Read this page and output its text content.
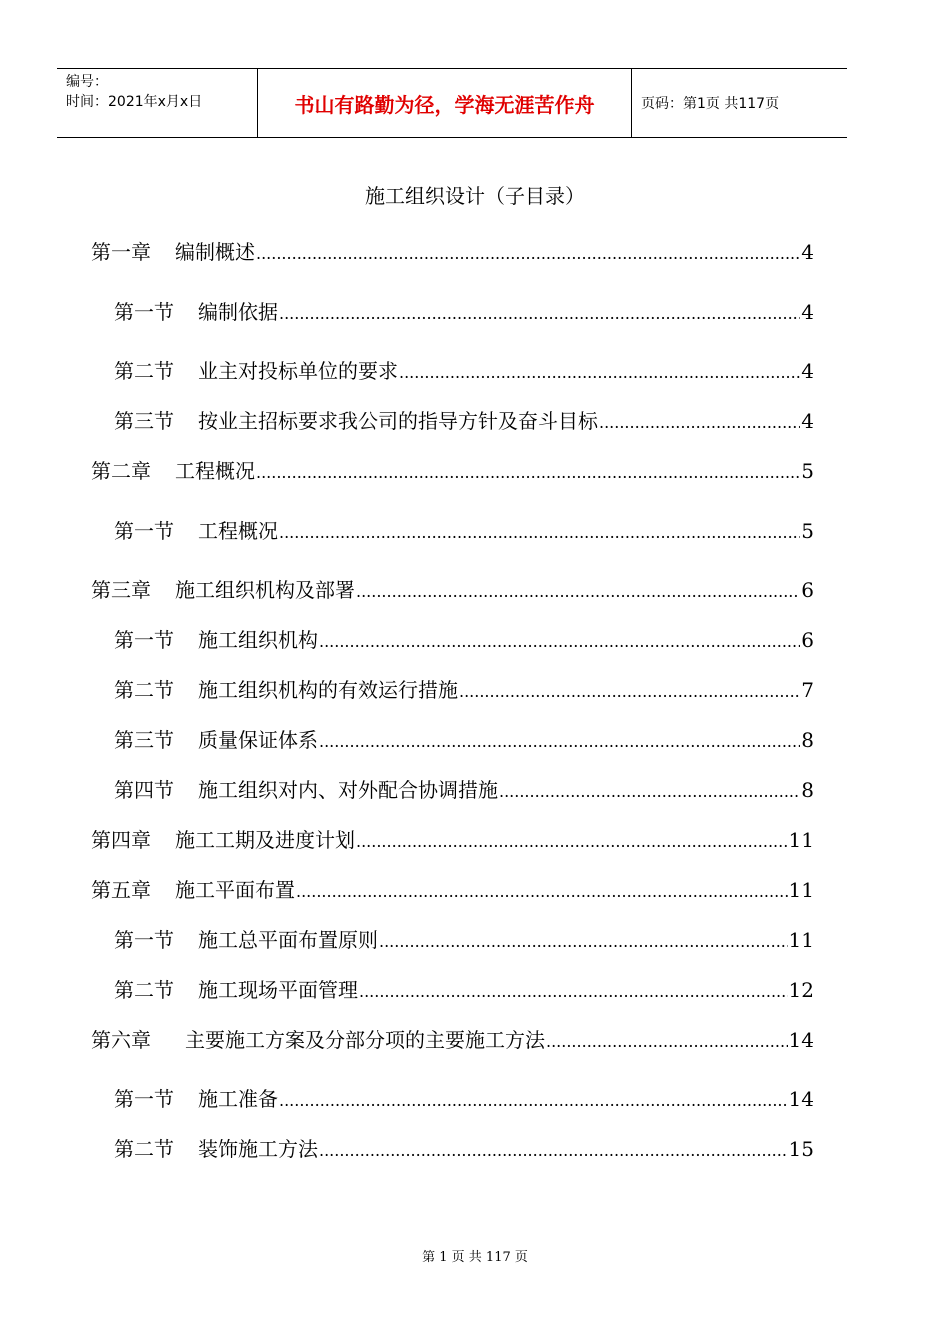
编号：
时间：2021年x月x日	书山有路勤为径，学海无涯苦作舟	页码：第1页 共117页
施工组织设计（子目录）
第一章 编制概述 .....	4
第一节 编制依据 .....	4
第二节 业主对投标单位的要求 .....	4
第三节 按业主招标要求我公司的指导方针及奋斗目标 .....	4
第二章 工程概况 .....	5
第一节 工程概况 .....	5
第三章 施工组织机构及部署 .....	6
第一节 施工组织机构 .....	6
第二节 施工组织机构的有效运行措施 .....	7
第三节 质量保证体系 .....	8
第四节 施工组织对内、对外配合协调措施 .....	8
第四章 施工工期及进度计划 .....	11
第五章 施工平面布置 .....	11
第一节 施工总平面布置原则 .....	11
第二节 施工现场平面管理 .....	12
第六章 主要施工方案及分部分项的主要施工方法 .....	14
第一节 施工准备 .....	14
第二节 装饰施工方法 .....	15
第 1 页 共 117 页
